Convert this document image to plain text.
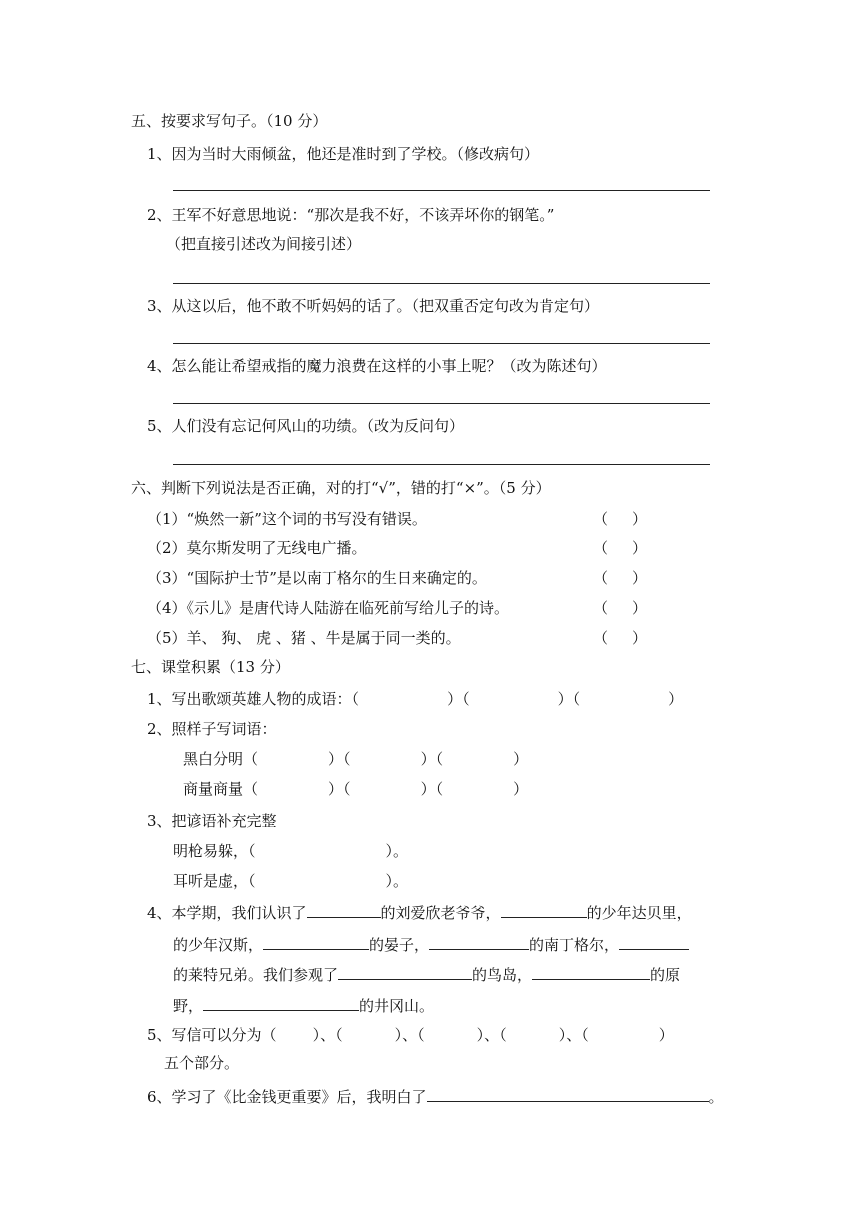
五、按要求写句子。（10 分）
1、因为当时大雨倾盆，他还是准时到了学校。（修改病句）
2、王军不好意思地说：“那次是我不好，不该弄坏你的钢笔。”
（把直接引述改为间接引述）
3、从这以后，他不敢不听妈妈的话了。（把双重否定句改为肯定句）
4、怎么能让希望戒指的魔力浪费在这样的小事上呢？（改为陈述句）
5、人们没有忘记何风山的功绩。（改为反问句）
六、判断下列说法是否正确，对的打“√”，错的打“×”。（5 分）
（1）“焕然一新”这个词的书写没有错误。	（ ）
（2）莫尔斯发明了无线电广播。	（ ）
（3）“国际护士节”是以南丁格尔的生日来确定的。	（ ）
（4）《示儿》是唐代诗人陆游在临死前写给儿子的诗。	（ ）
（5）羊、 狗、 虎 、猪 、牛是属于同一类的。	（ ）
七、课堂积累（13 分）
1、写出歌颂英雄人物的成语：（	）（	）（	）
2、照样子写词语：
黑白分明（	）（	）（	）
商量商量（	）（	）（	）
3、把谚语补充完整
明枪易躲，（	）。
耳听是虚，（	）。
4、本学期，我们认识了	的刘爱欣老爷爷，	的少年达贝里，
的少年汉斯，	的晏子，	的南丁格尔，
的莱特兄弟。我们参观了	的鸟岛，	的原
野，	的井冈山。
5、写信可以分为（ ）、（	）、（	）、（	）、（	）
五个部分。
6、学习了《比金钱更重要》后，我明白了	。
